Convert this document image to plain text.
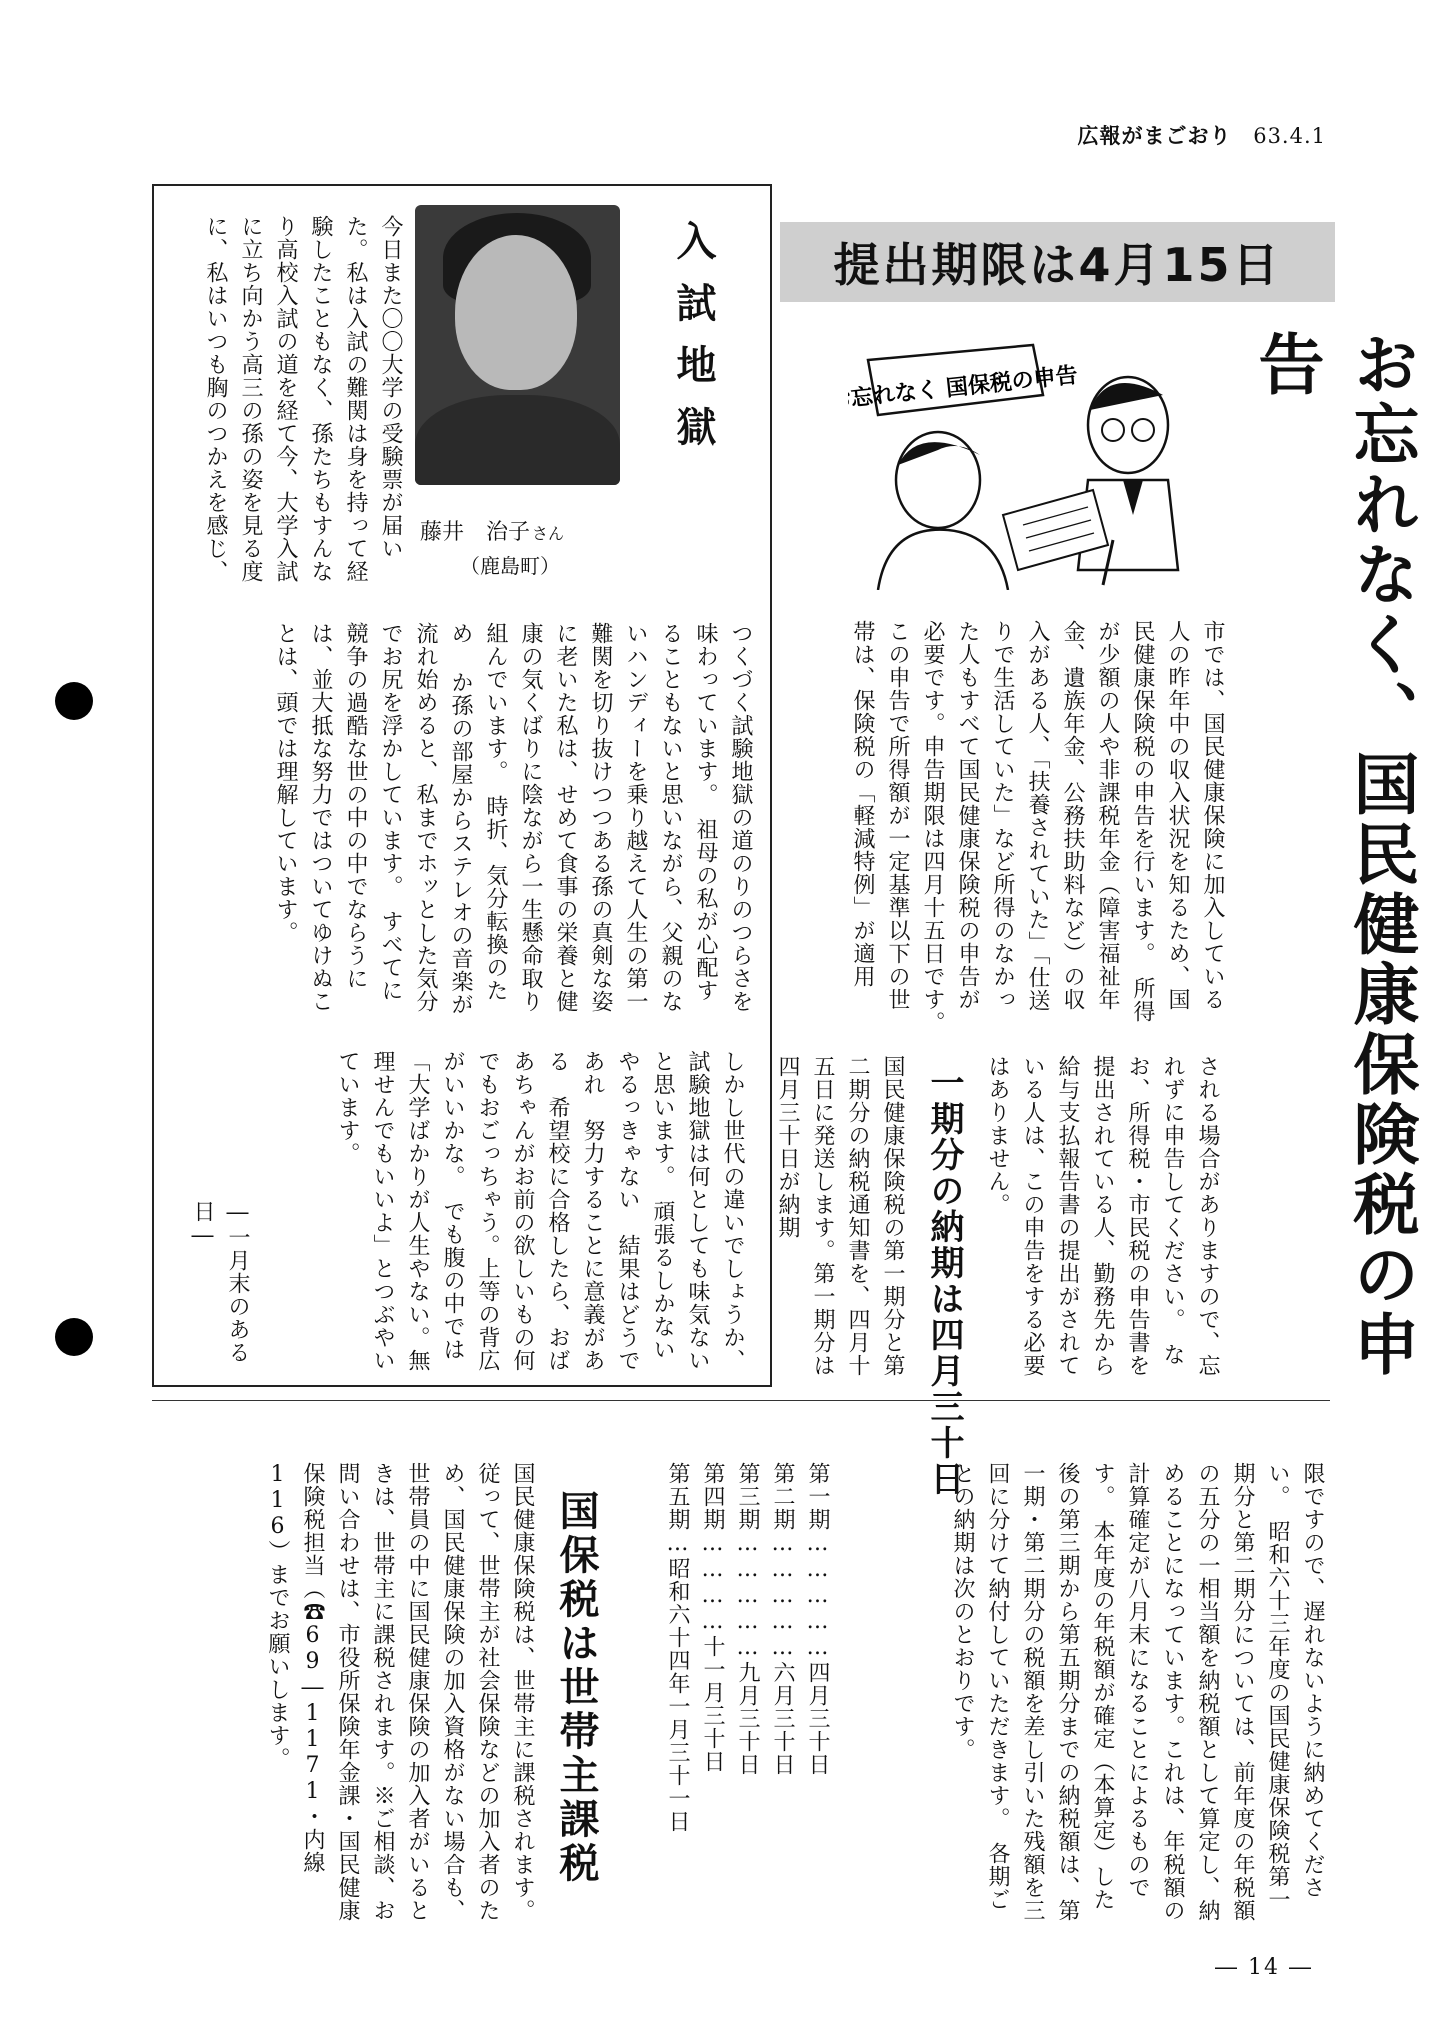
広報がまごおり 63.4.1
入試地獄
藤井　治子 さん
（鹿島町）
今日また〇〇大学の受験票が届いた。私は入試の難関は身を持って経験したこともなく、孫たちもすんなり高校入試の道を経て今、大学入試に立ち向かう高三の孫の姿を見る度に、私はいつも胸のつかえを感じ、
つくづく試験地獄の道のりのつらさを味わっています。　祖母の私が心配することもないと思いながら、父親のないハンディーを乗り越えて人生の第一難関を切り抜けつつある孫の真剣な姿に老いた私は、せめて食事の栄養と健康の気くばりに陰ながら一生懸命取り組んでいます。　時折、気分転換のため か孫の部屋からステレオの音楽が流れ始めると、私までホッとした気分でお尻を浮かしています。　すべてに競争の過酷な世の中の中でならうには、並大抵な努力ではついてゆけぬことは、頭では理解しています。
しかし世代の違いでしょうか、試験地獄は何としても味気ないと思います。　頑張るしかない　やるっきゃない　結果はどうであれ　努力することに意義がある　希望校に合格したら、おばあちゃんがお前の欲しいもの何でもおごっちゃう。上等の背広がいいかな。　でも腹の中では「大学ばかりが人生やない。無理せんでもいいよ」とつぶやいています。
―一月末のある日―
提出期限は4月15日
お忘れなく、国民健康保険税の申告
お忘れなく 国保税の申告
市では、国民健康保険に加入している人の昨年中の収入状況を知るため、国民健康保険税の申告を行います。　所得が少額の人や非課税年金（障害福祉年金、遺族年金、公務扶助料など）の収入がある人、「扶養されていた」「仕送りで生活していた」など所得のなかった人もすべて国民健康保険税の申告が必要です。申告期限は四月十五日です。　この申告で所得額が一定基準以下の世帯は、保険税の「軽減特例」が適用
一期分の納期は四月三十日
国民健康保険税の第一期分と第二期分の納税通知書を、四月十五日に発送します。第一期分は四月三十日が納期	される場合がありますので、忘れずに申告してください。　なお、所得税・市民税の申告書を提出されている人、勤務先から給与支払報告書の提出がされている人は、この申告をする必要はありません。
限ですので、遅れないように納めてください。　昭和六十三年度の国民健康保険税第一期分と第二期分については、前年度の年税額の五分の一相当額を納税額として算定し、納めることになっています。これは、年税額の計算確定が八月末になることによるものです。　本年度の年税額が確定（本算定）した後の第三期から第五期分までの納税額は、第一期・第二期分の税額を差し引いた残額を三回に分けて納付していただきます。　各期ごとの納期は次のとおりです。
第一期……………四月三十日
第二期……………六月三十日
第三期……………九月三十日
第四期…………十一月三十日
第五期…昭和六十四年一月三十一日
国保税は世帯主課税
国民健康保険税は、世帯主に課税されます。従って、世帯主が社会保険などの加入者のため、国民健康保険の加入資格がない場合も、世帯員の中に国民健康保険の加入者がいるときは、世帯主に課税されます。※ご相談、お問い合わせは、市役所保険年金課・国民健康保険税担当（☎69―1171・内線116）までお願いします。
― 14 ―
